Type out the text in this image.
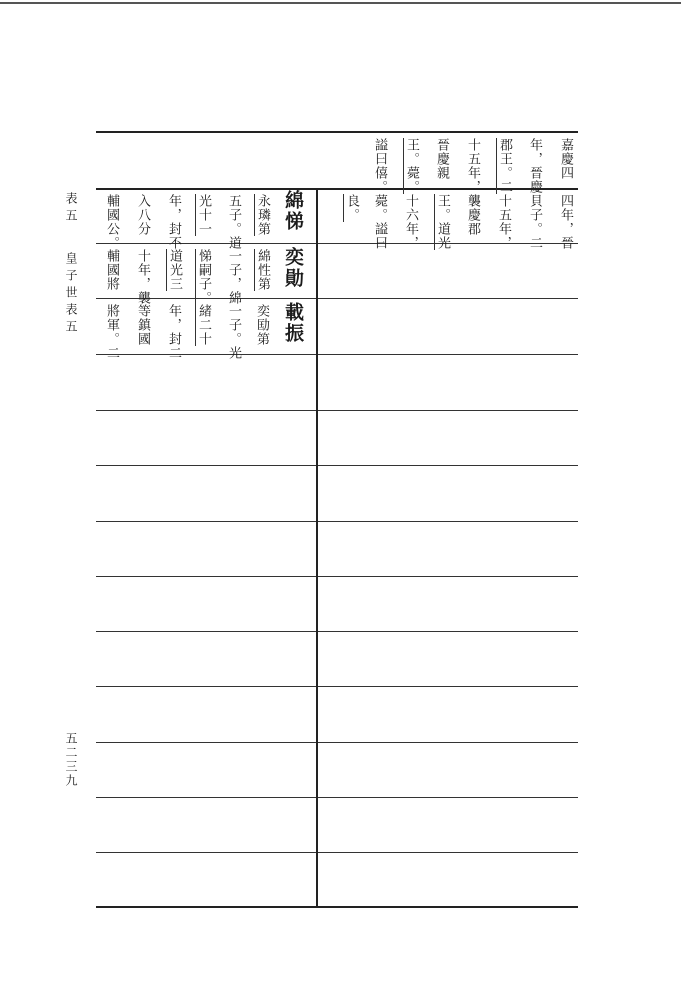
表五
皇子世表五
五二三九
嘉慶四
年，晉慶
郡王。二
十五年，
晉慶親
王。薨。
謚曰僖。
綿悌
永璘第
五子。道
光十一
年，封不
入八分
輔國公。	四年，晉
貝子。二
十五年，
襲慶郡
王。道光
十六年，
薨。謚曰
良。
奕勛
綿性第
一子，綿
悌嗣子。
道光三
十年，襲
輔國將
載振
奕劻第
一子。光
緒二十
年，封二
等鎮國
將軍。二
